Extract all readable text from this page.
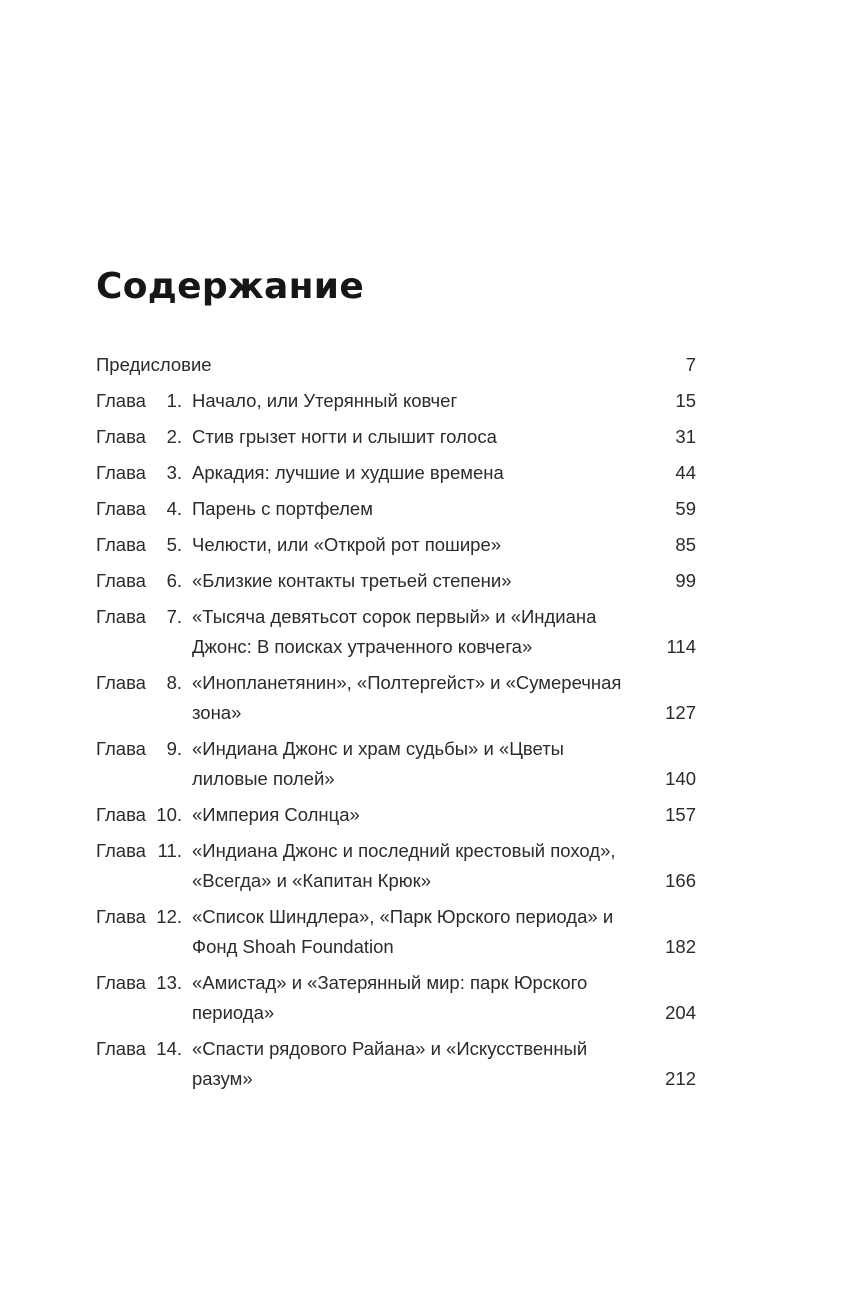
Содержание
Предисловие	7
Глава	1. Начало, или Утерянный ковчег	15
Глава	2. Стив грызет ногти и слышит голоса	31
Глава	3. Аркадия: лучшие и худшие времена	44
Глава	4. Парень с портфелем	59
Глава	5. Челюсти, или «Открой рот пошире»	85
Глава	6. «Близкие контакты третьей степени»	99
Глава	7. «Тысяча девятьсот сорок первый» и «Индиана Джонс: В поисках утраченного ковчега»	114
Глава	8. «Инопланетянин», «Полтергейст» и «Сумеречная зона»	127
Глава	9. «Индиана Джонс и храм судьбы» и «Цветы лиловые полей»	140
Глава 10. «Империя Солнца»	157
Глава 11. «Индиана Джонс и последний крестовый поход», «Всегда» и «Капитан Крюк»	166
Глава 12. «Список Шиндлера», «Парк Юрского периода» и Фонд Shoah Foundation	182
Глава 13. «Амистад» и «Затерянный мир: парк Юрского периода»	204
Глава 14. «Спасти рядового Райана» и «Искусственный разум»	212
